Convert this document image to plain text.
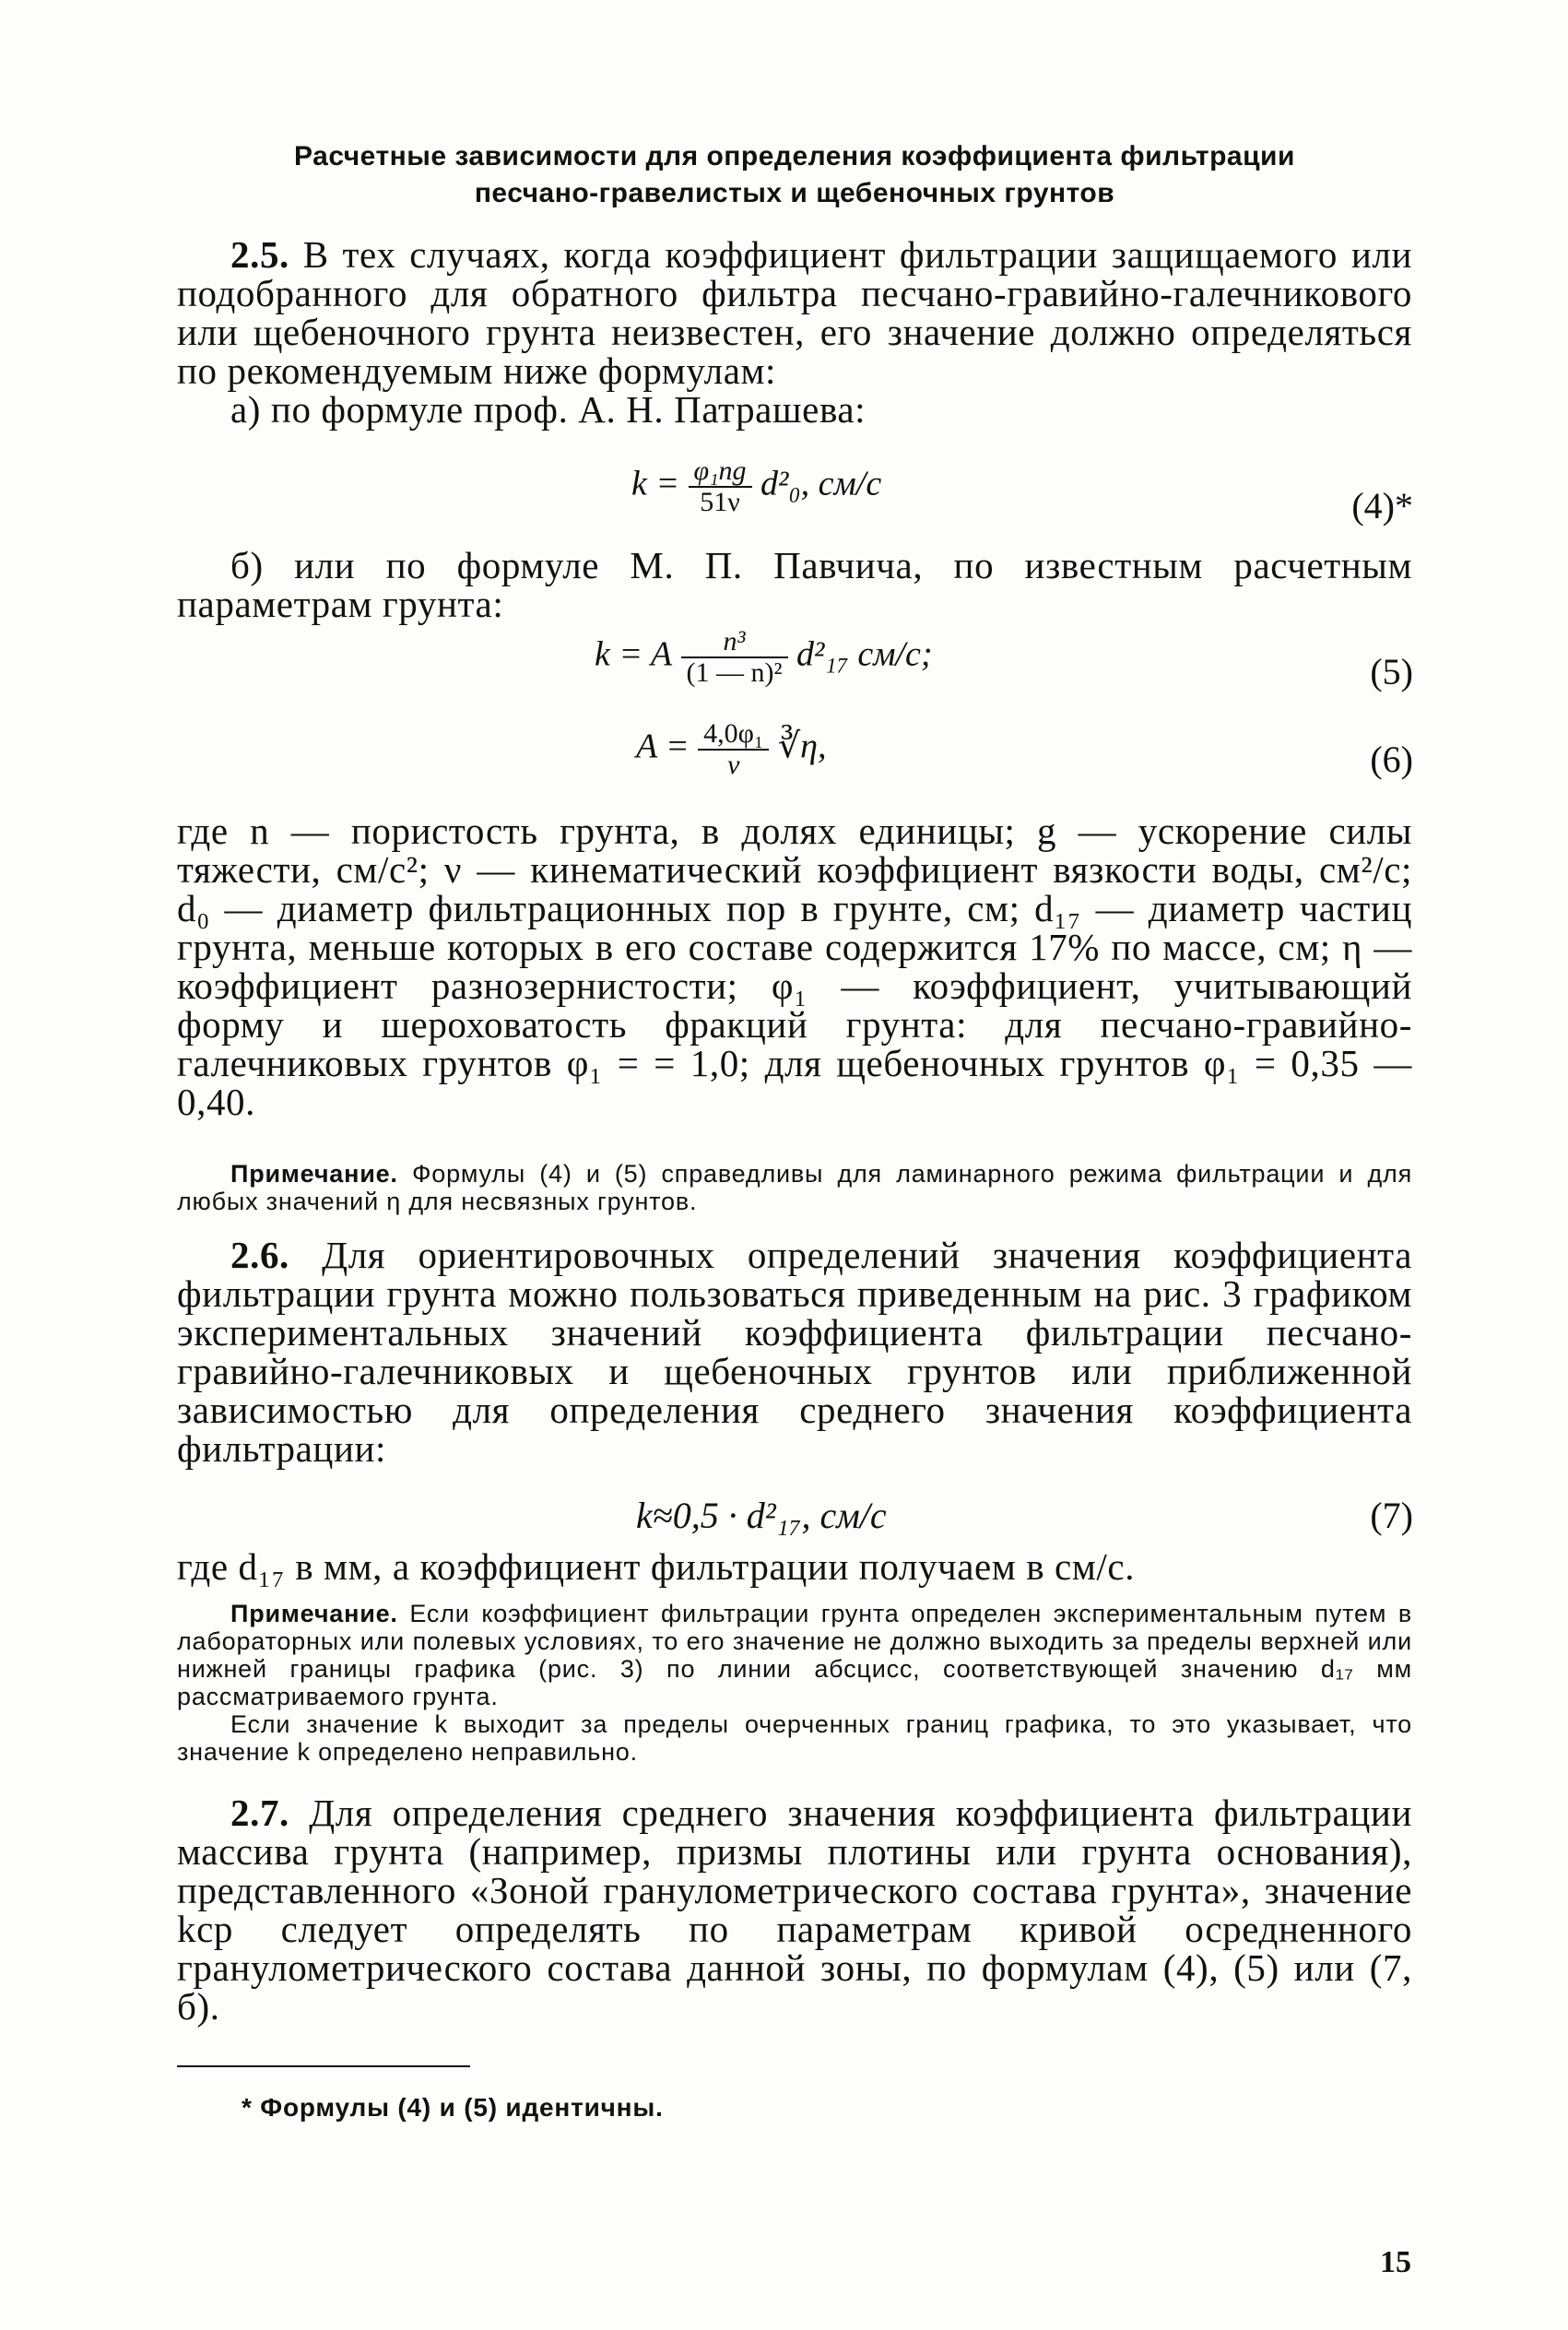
Расчетные зависимости для определения коэффициента фильтрации
песчано-гравелистых и щебеночных грунтов
2.5. В тех случаях, когда коэффициент фильтрации защищаемого или подобранного для обратного фильтра песчано-гравийно-галечникового или щебеночного грунта неизвестен, его значение должно определяться по рекомендуемым ниже формулам:
а) по формуле проф. А. Н. Патрашева:
$k = \frac{\text{φ₁ng}}{51\nu} d^2_0$, см/с
(4)*
б) или по формуле М. П. Павчича, по известным расчетным параметрам грунта:
k = A $\frac{\text{n³}}{\text{(1 — n)²}} d^2_{17}$ см/с;	(5)
$A = \frac{\text{4,0φ₁}}{\nu}$ ∛η,	(6)
где n — пористость грунта, в долях единицы; g — ускорение силы тяжести, см/с²; ν — кинематический коэффициент вязкости воды, см²/с; d₀ — диаметр фильтрационных пор в грунте, см; d₁₇ — диаметр частиц грунта, меньше которых в его составе содержится 17% по массе, см; η — коэффициент разнозернистости; φ₁ — коэффициент, учитывающий форму и шероховатость фракций грунта: для песчано-гравийно-галечниковых грунтов φ₁ = = 1,0; для щебеночных грунтов φ₁ = 0,35 — 0,40.
Примечание. Формулы (4) и (5) справедливы для ламинарного режима фильтрации и для любых значений η для несвязных грунтов.
2.6. Для ориентировочных определений значения коэффициента фильтрации грунта можно пользоваться приведенным на рис. 3 графиком экспериментальных значений коэффициента фильтрации песчано-гравийно-галечниковых и щебеночных грунтов или приближенной зависимостью для определения среднего значения коэффициента фильтрации:
k≈0,5 · d²₁₇, см/с	(7)
где d₁₇ в мм, а коэффициент фильтрации получаем в см/с.
Примечание. Если коэффициент фильтрации грунта определен экспериментальным путем в лабораторных или полевых условиях, то его значение не должно выходить за пределы верхней или нижней границы графика (рис. 3) по линии абсцисс, соответствующей значению d₁₇ мм рассматриваемого грунта.
Если значение k выходит за пределы очерченных границ графика, то это указывает, что значение k определено неправильно.
2.7. Для определения среднего значения коэффициента фильтрации массива грунта (например, призмы плотины или грунта основания), представленного «Зоной гранулометрического состава грунта», значение kср следует определять по параметрам кривой осредненного гранулометрического состава данной зоны, по формулам (4), (5) или (7, б).
* Формулы (4) и (5) идентичны.
15
